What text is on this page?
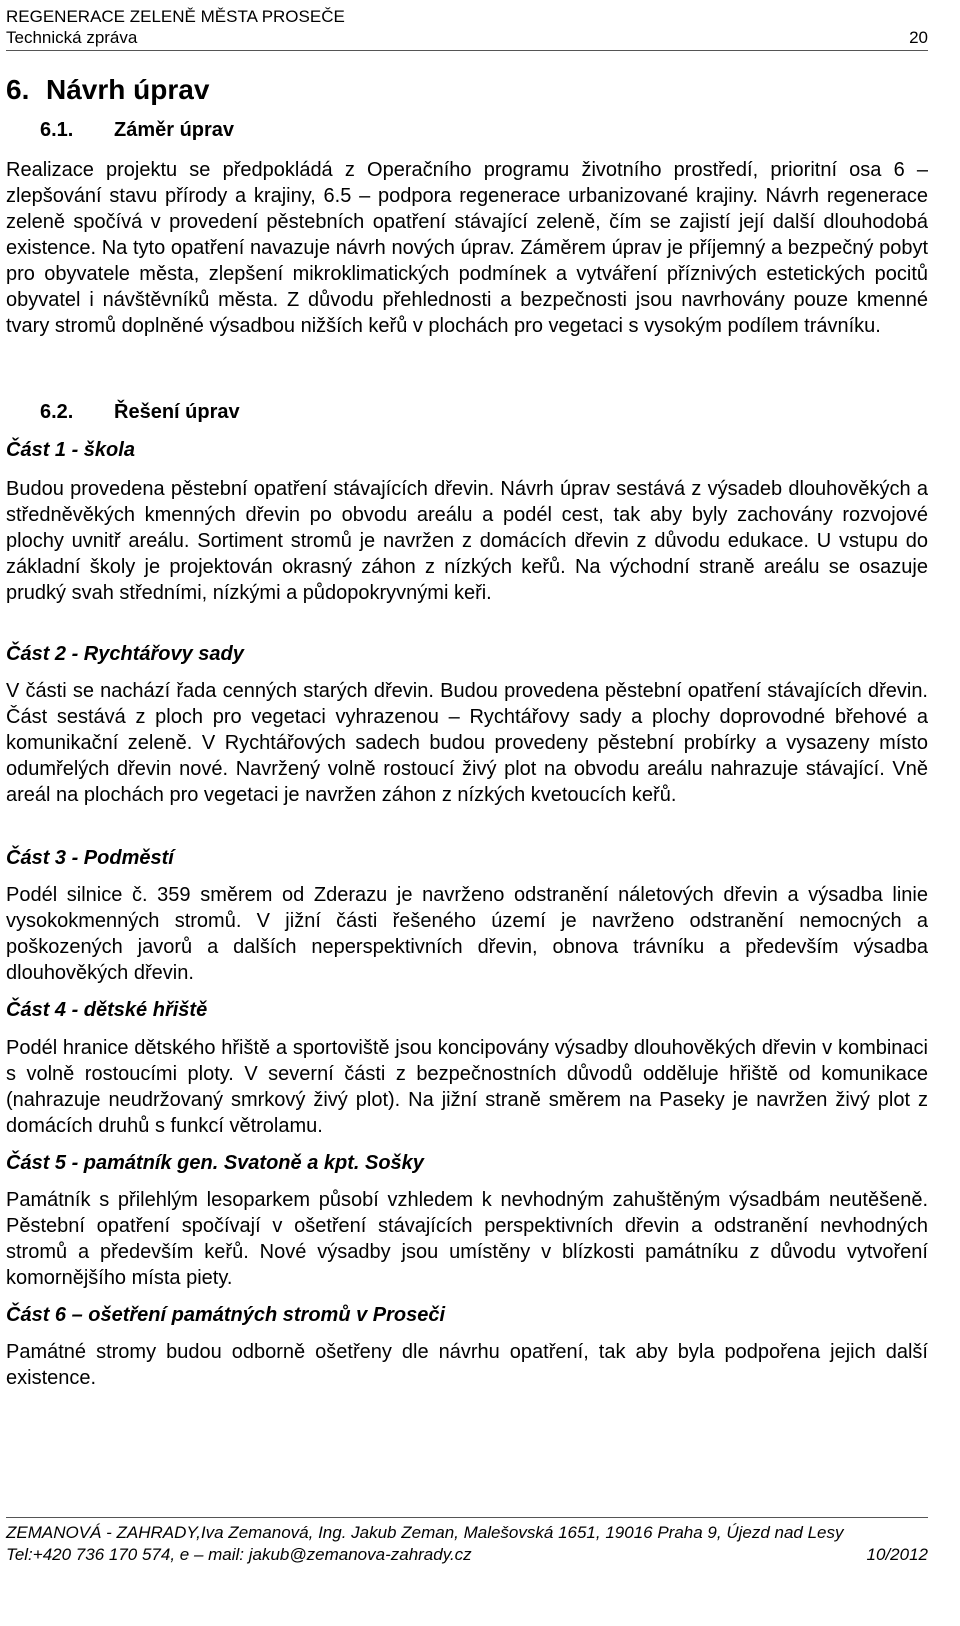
REGENERACE ZELENĚ MĚSTA PROSEČE
Technická zpráva	20
6. Návrh úprav
6.1. Záměr úprav

Realizace projektu se předpokládá z Operačního programu životního prostředí, prioritní osa 6 – zlepšování stavu přírody a krajiny, 6.5 – podpora regenerace urbanizované krajiny. Návrh regenerace zeleně spočívá v provedení pěstebních opatření stávající zeleně, čím se zajistí její další dlouhodobá existence. Na tyto opatření navazuje návrh nových úprav. Záměrem úprav je příjemný a bezpečný pobyt pro obyvatele města, zlepšení mikroklimatických podmínek a vytváření příznivých estetických pocitů obyvatel i návštěvníků města. Z důvodu přehlednosti a bezpečnosti jsou navrhovány pouze kmenné tvary stromů doplněné výsadbou nižších keřů v plochách pro vegetaci s vysokým podílem trávníku.

6.2. Řešení úprav
Část 1 - škola

Budou provedena pěstební opatření stávajících dřevin. Návrh úprav sestává z výsadeb dlouhověkých a středněvěkých kmenných dřevin po obvodu areálu a podél cest, tak aby byly zachovány rozvojové plochy uvnitř areálu. Sortiment stromů je navržen z domácích dřevin z důvodu edukace. U vstupu do základní školy je projektován okrasný záhon z nízkých keřů. Na východní straně areálu se osazuje prudký svah středními, nízkými a půdopokryvnými keři.

Část 2 - Rychtářovy sady

V části se nachází řada cenných starých dřevin. Budou provedena pěstební opatření stávajících dřevin. Část sestává z ploch pro vegetaci vyhrazenou – Rychtářovy sady a plochy doprovodné břehové a komunikační zeleně. V Rychtářových sadech budou provedeny pěstební probírky a vysazeny místo odumřelých dřevin nové. Navržený volně rostoucí živý plot na obvodu areálu nahrazuje stávající. Vně areál na plochách pro vegetaci je navržen záhon z nízkých kvetoucích keřů.

Část 3 - Podměstí

Podél silnice č. 359 směrem od Zderazu je navrženo odstranění náletových dřevin a výsadba linie vysokokmenných stromů. V jižní části řešeného území je navrženo odstranění nemocných a poškozených javorů a dalších neperspektivních dřevin, obnova trávníku a především výsadba dlouhověkých dřevin.

Část 4 - dětské hřiště

Podél hranice dětského hřiště a sportoviště jsou koncipovány výsadby dlouhověkých dřevin v kombinaci s volně rostoucími ploty. V severní části z bezpečnostních důvodů odděluje hřiště od komunikace (nahrazuje neudržovaný smrkový živý plot). Na jižní straně směrem na Paseky je navržen živý plot z domácích druhů s funkcí větrolamu.

Část 5 - památník gen. Svatoně a kpt. Sošky

Památník s přilehlým lesoparkem působí vzhledem k nevhodným zahuštěným výsadbám neutěšeně. Pěstební opatření spočívají v ošetření stávajících perspektivních dřevin a odstranění nevhodných stromů a především keřů. Nové výsadby jsou umístěny v blízkosti památníku z důvodu vytvoření komornějšího místa piety.

Část 6 – ošetření památných stromů v Proseči

Památné stromy budou odborně ošetřeny dle návrhu opatření, tak aby byla podpořena jejich další existence.

ZEMANOVÁ - ZAHRADY,Iva Zemanová, Ing. Jakub Zeman, Malešovská 1651, 19016 Praha 9, Újezd nad Lesy
Tel:+420 736 170 574, e – mail: jakub@zemanova-zahrady.cz	10/2012
